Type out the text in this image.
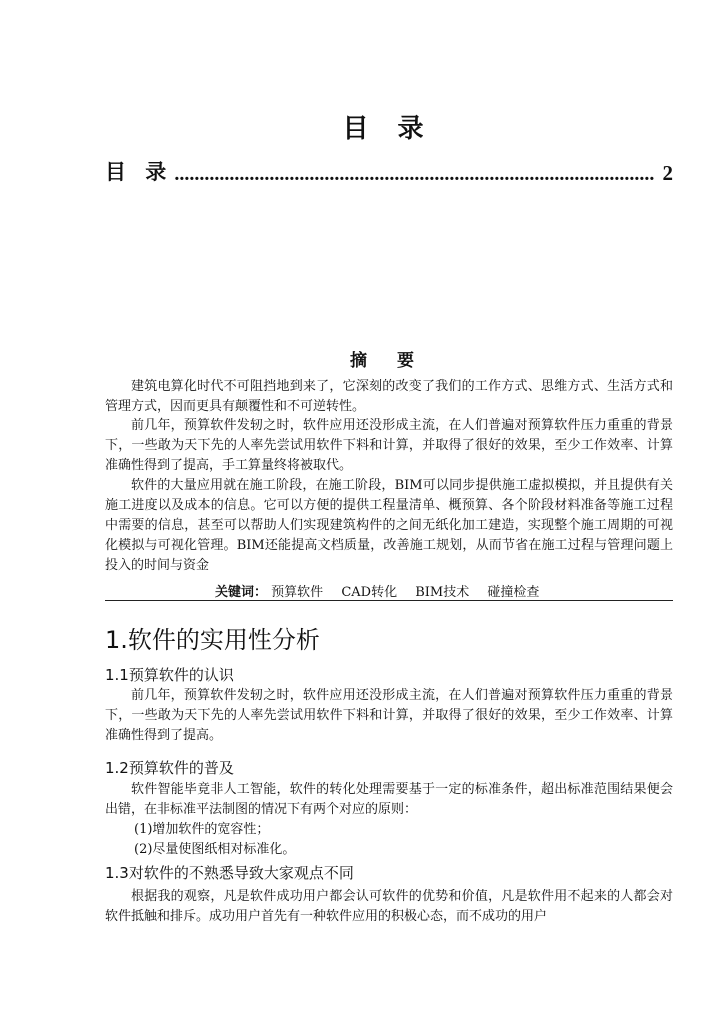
目 录
目 录 ................................................................................................ 2
摘 要

建筑电算化时代不可阻挡地到来了，它深刻的改变了我们的工作方式、思维方式、生活方式和管理方式，因而更具有颠覆性和不可逆转性。

前几年，预算软件发轫之时，软件应用还没形成主流，在人们普遍对预算软件压力重重的背景下，一些敢为天下先的人率先尝试用软件下料和计算，并取得了很好的效果，至少工作效率、计算准确性得到了提高，手工算量终将被取代。

软件的大量应用就在施工阶段，在施工阶段，BIM可以同步提供施工虚拟模拟，并且提供有关施工进度以及成本的信息。它可以方便的提供工程量清单、概预算、各个阶段材料准备等施工过程中需要的信息，甚至可以帮助人们实现建筑构件的之间无纸化加工建造，实现整个施工周期的可视化模拟与可视化管理。BIM还能提高文档质量，改善施工规划，从而节省在施工过程与管理问题上投入的时间与资金

关键词： 预算软件 CAD转化 BIM技术 碰撞检查
1.软件的实用性分析
1.1预算软件的认识

前几年，预算软件发轫之时，软件应用还没形成主流，在人们普遍对预算软件压力重重的背景下，一些敢为天下先的人率先尝试用软件下料和计算，并取得了很好的效果，至少工作效率、计算准确性得到了提高。

1.2预算软件的普及

软件智能毕竟非人工智能，软件的转化处理需要基于一定的标准条件，超出标准范围结果便会出错，在非标准平法制图的情况下有两个对应的原则：

(1)增加软件的宽容性；
(2)尽量使图纸相对标准化。
1.3对软件的不熟悉导致大家观点不同

根据我的观察，凡是软件成功用户都会认可软件的优势和价值，凡是软件用不起来的人都会对软件抵触和排斥。成功用户首先有一种软件应用的积极心态，而不成功的用户
